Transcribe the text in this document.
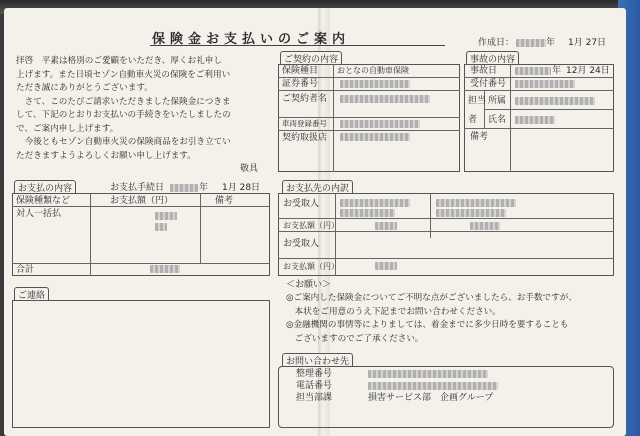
保険金お支払いのご案内	作成日：	年 1月 27日
拝啓　平素は格別のご愛顧をいただき、厚くお礼申し
上げます。また日頃セゾン自動車火災の保険をご利用い
ただき誠にありがとうございます。
　さて、このたびご請求いただきました保険金につきま
して、下記のとおりお支払いの手続きをいたしましたの
で、ご案内申し上げます。
　今後ともセゾン自動車火災の保険商品をお引き立てい
ただきますようよろしくお願い申し上げます。
敬具
ご契約の内容
保険種目 おとなの自動車保険
証券番号
ご契約者名
車両登録番号
契約取扱店
事故の内容
事故日	年 12月 24日
受付番号
担当 所属
者 氏名
備考
お支払の内容	お支払手続日	年 1月 28日
保険種類など	お支払額（円）	備考
対人一括払
合計
お支払先の内訳
お受取人
お支払額（円）
お受取人
お支払額（円）
ご連絡
＜お願い＞
◎ご案内した保険金についてご不明な点がございましたら、お手数ですが、
　本状をご用意のうえ下記までお問い合わせください。
◎金融機関の事情等によりましては、着金までに多少日時を要することも
　ございますのでご了承ください。
お問い合わせ先
整理番号
電話番号
担当部課	損害サービス部　企画グループ
